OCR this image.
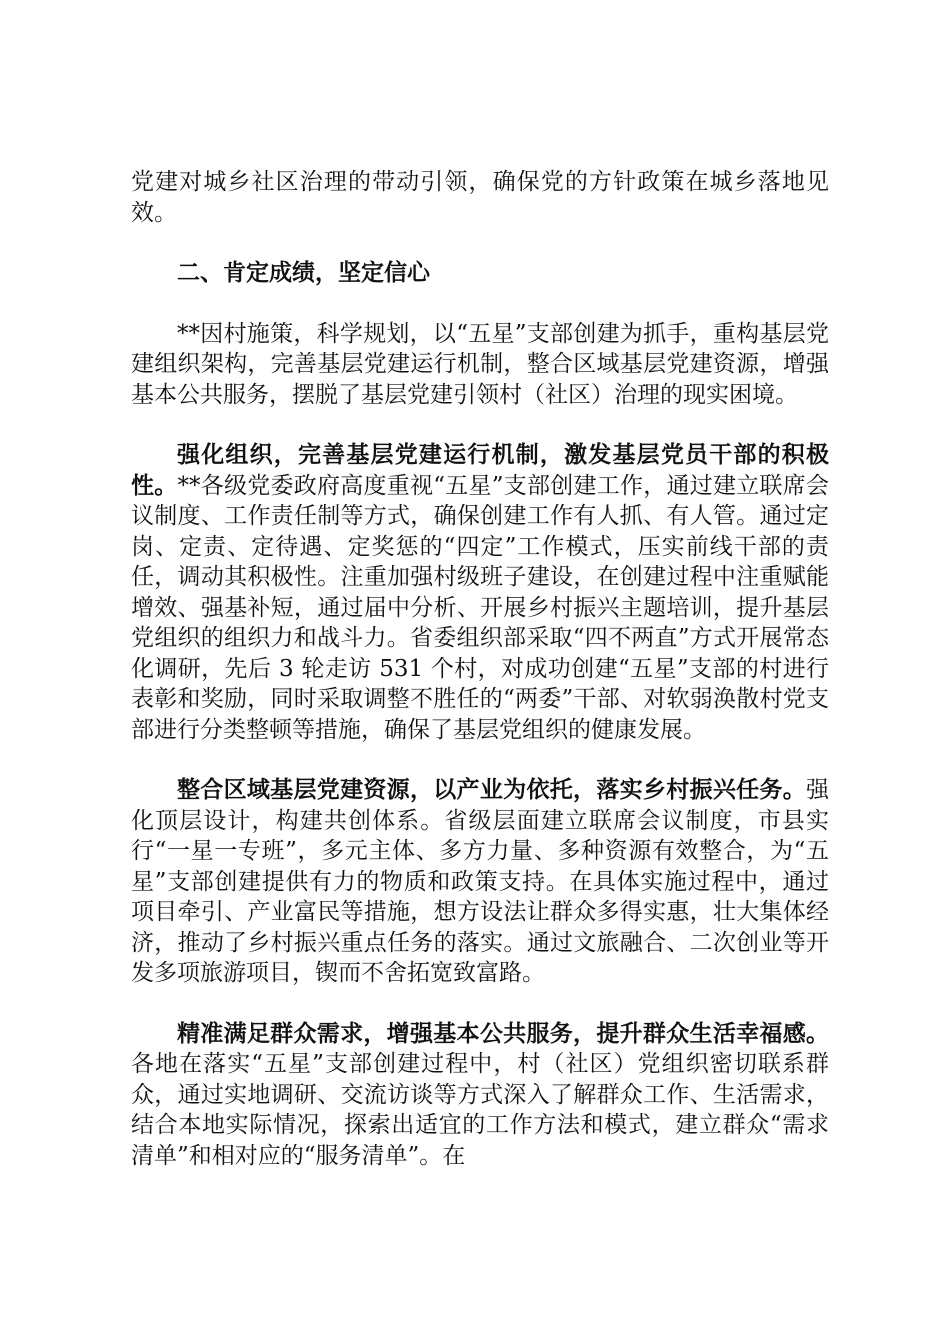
党建对城乡社区治理的带动引领，确保党的方针政策在城乡落地见效。

二、肯定成绩，坚定信心

**因村施策，科学规划，以“五星”支部创建为抓手，重构基层党建组织架构，完善基层党建运行机制，整合区域基层党建资源，增强基本公共服务，摆脱了基层党建引领村（社区）治理的现实困境。

强化组织，完善基层党建运行机制，激发基层党员干部的积极性。**各级党委政府高度重视“五星”支部创建工作，通过建立联席会议制度、工作责任制等方式，确保创建工作有人抓、有人管。通过定岗、定责、定待遇、定奖惩的“四定”工作模式，压实前线干部的责任，调动其积极性。注重加强村级班子建设，在创建过程中注重赋能增效、强基补短，通过届中分析、开展乡村振兴主题培训，提升基层党组织的组织力和战斗力。省委组织部采取“四不两直”方式开展常态化调研，先后 3 轮走访 531 个村，对成功创建“五星”支部的村进行表彰和奖励，同时采取调整不胜任的“两委”干部、对软弱涣散村党支部进行分类整顿等措施，确保了基层党组织的健康发展。

整合区域基层党建资源，以产业为依托，落实乡村振兴任务。强化顶层设计，构建共创体系。省级层面建立联席会议制度，市县实行“一星一专班”，多元主体、多方力量、多种资源有效整合，为“五星”支部创建提供有力的物质和政策支持。在具体实施过程中，通过项目牵引、产业富民等措施，想方设法让群众多得实惠，壮大集体经济，推动了乡村振兴重点任务的落实。通过文旅融合、二次创业等开发多项旅游项目，锲而不舍拓宽致富路。

精准满足群众需求，增强基本公共服务，提升群众生活幸福感。各地在落实“五星”支部创建过程中，村（社区）党组织密切联系群众，通过实地调研、交流访谈等方式深入了解群众工作、生活需求，结合本地实际情况，探索出适宜的工作方法和模式，建立群众“需求清单”和相对应的“服务清单”。在
